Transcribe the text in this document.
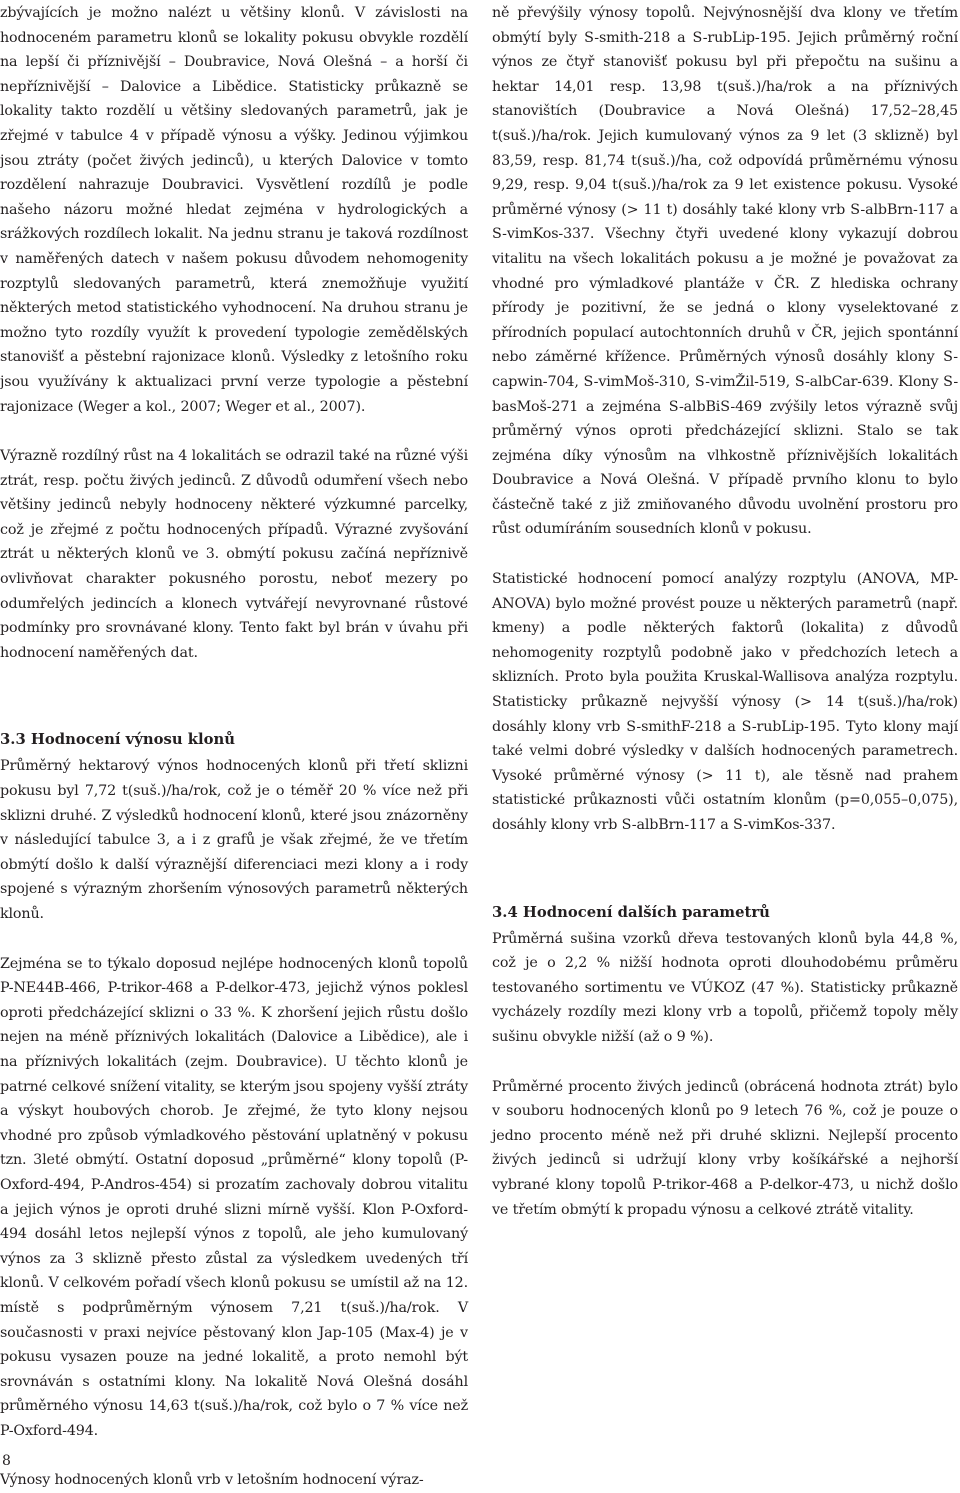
zbývajících je možno nalézt u většiny klonů. V závislosti na hodnoceném parametru klonů se lokality pokusu obvykle rozdělí na lepší či příznivější – Doubravice, Nová Olešná – a horší či nepříznivější – Dalovice a Libědice. Statisticky průkazně se lokality takto rozdělí u většiny sledovaných parametrů, jak je zřejmé v tabulce 4 v případě výnosu a výšky. Jedinou výjimkou jsou ztráty (počet živých jedinců), u kterých Dalovice v tomto rozdělení nahrazuje Doubravici. Vysvětlení rozdílů je podle našeho názoru možné hledat zejména v hydrologických a srážkových rozdílech lokalit. Na jednu stranu je taková rozdílnost v naměřených datech v našem pokusu důvodem nehomogenity rozptylů sledovaných parametrů, která znemožňuje využití některých metod statistického vyhodnocení. Na druhou stranu je možno tyto rozdíly využít k provedení typologie zemědělských stanovišť a pěstební rajonizace klonů. Výsledky z letošního roku jsou využívány k aktualizaci první verze typologie a pěstební rajonizace (Weger a kol., 2007; Weger et al., 2007).

Výrazně rozdílný růst na 4 lokalitách se odrazil také na různé výši ztrát, resp. počtu živých jedinců. Z důvodů odumření všech nebo většiny jedinců nebyly hodnoceny některé výzkumné parcelky, což je zřejmé z počtu hodnocených případů. Výrazné zvyšování ztrát u některých klonů ve 3. obmýtí pokusu začíná nepříznivě ovlivňovat charakter pokusného porostu, neboť mezery po odumřelých jedincích a klonech vytvářejí nevyrovnané růstové podmínky pro srovnávané klony. Tento fakt byl brán v úvahu při hodnocení naměřených dat.

3.3 Hodnocení výnosu klonů

Průměrný hektarový výnos hodnocených klonů při třetí sklizni pokusu byl 7,72 t(suš.)/ha/rok, což je o téměř 20 % více než při sklizni druhé. Z výsledků hodnocení klonů, které jsou znázorněny v následující tabulce 3, a i z grafů je však zřejmé, že ve třetím obmýtí došlo k další výraznější diferenciaci mezi klony a i rody spojené s výrazným zhoršením výnosových parametrů některých klonů.

Zejména se to týkalo doposud nejlépe hodnocených klonů topolů P-NE44B-466, P-trikor-468 a P-delkor-473, jejichž výnos poklesl oproti předcházející sklizni o 33 %. K zhoršení jejich růstu došlo nejen na méně příznivých lokalitách (Dalovice a Libědice), ale i na příznivých lokalitách (zejm. Doubravice). U těchto klonů je patrné celkové snížení vitality, se kterým jsou spojeny vyšší ztráty a výskyt houbových chorob. Je zřejmé, že tyto klony nejsou vhodné pro způsob výmladkového pěstování uplatněný v pokusu tzn. 3leté obmýtí. Ostatní doposud „průměrné“ klony topolů (P-Oxford-494, P-Andros-454) si prozatím zachovaly dobrou vitalitu a jejich výnos je oproti druhé slizni mírně vyšší. Klon P-Oxford-494 dosáhl letos nejlepší výnos z topolů, ale jeho kumulovaný výnos za 3 sklizně přesto zůstal za výsledkem uvedených tří klonů. V celkovém pořadí všech klonů pokusu se umístil až na 12. místě s podprůměrným výnosem 7,21 t(suš.)/ha/rok. V současnosti v praxi nejvíce pěstovaný klon Jap-105 (Max-4) je v pokusu vysazen pouze na jedné lokalitě, a proto nemohl být srovnáván s ostatními klony. Na lokalitě Nová Olešná dosáhl průměrného výnosu 14,63 t(suš.)/ha/rok, což bylo o 7 % více než P-Oxford-494.

Výnosy hodnocených klonů vrb v letošním hodnocení výraz-

ně převýšily výnosy topolů. Nejvýnosnější dva klony ve třetím obmýtí byly S-smith-218 a S-rubLip-195. Jejich průměrný roční výnos ze čtyř stanovišť pokusu byl při přepočtu na sušinu a hektar 14,01 resp. 13,98 t(suš.)/ha/rok a na příznivých stanovištích (Doubravice a Nová Olešná) 17,52–28,45 t(suš.)/ha/rok. Jejich kumulovaný výnos za 9 let (3 sklizně) byl 83,59, resp. 81,74 t(suš.)/ha, což odpovídá průměrnému výnosu 9,29, resp. 9,04 t(suš.)/ha/rok za 9 let existence pokusu. Vysoké průměrné výnosy (> 11 t) dosáhly také klony vrb S-albBrn-117 a S-vimKos-337. Všechny čtyři uvedené klony vykazují dobrou vitalitu na všech lokalitách pokusu a je možné je považovat za vhodné pro výmladkové plantáže v ČR. Z hlediska ochrany přírody je pozitivní, že se jedná o klony vyselektované z přírodních populací autochtonních druhů v ČR, jejich spontánní nebo záměrné křížence. Průměrných výnosů dosáhly klony S-capwin-704, S-vimMoš-310, S-vimŽil-519, S-albCar-639. Klony S-basMoš-271 a zejména S-albBiS-469 zvýšily letos výrazně svůj průměrný výnos oproti předcházející sklizni. Stalo se tak zejména díky výnosům na vlhkostně příznivějších lokalitách Doubravice a Nová Olešná. V případě prvního klonu to bylo částečně také z již zmiňovaného důvodu uvolnění prostoru pro růst odumíráním sousedních klonů v pokusu.

Statistické hodnocení pomocí analýzy rozptylu (ANOVA, MP-ANOVA) bylo možné provést pouze u některých parametrů (např. kmeny) a podle některých faktorů (lokalita) z důvodů nehomogenity rozptylů podobně jako v předchozích letech a sklizních. Proto byla použita Kruskal-Wallisova analýza rozptylu. Statisticky průkazně nejvyšší výnosy (> 14 t(suš.)/ha/rok) dosáhly klony vrb S-smithF-218 a S-rubLip-195. Tyto klony mají také velmi dobré výsledky v dalších hodnocených parametrech. Vysoké průměrné výnosy (> 11 t), ale těsně nad prahem statistické průkaznosti vůči ostatním klonům (p=0,055–0,075), dosáhly klony vrb S-albBrn-117 a S-vimKos-337.

3.4 Hodnocení dalších parametrů

Průměrná sušina vzorků dřeva testovaných klonů byla 44,8 %, což je o 2,2 % nižší hodnota oproti dlouhodobému průměru testovaného sortimentu ve VÚKOZ (47 %). Statisticky průkazně vycházely rozdíly mezi klony vrb a topolů, přičemž topoly měly sušinu obvykle nižší (až o 9 %).

Průměrné procento živých jedinců (obrácená hodnota ztrát) bylo v souboru hodnocených klonů po 9 letech 76 %, což je pouze o jedno procento méně než při druhé sklizni. Nejlepší procento živých jedinců si udržují klony vrby košíkářské a nejhorší vybrané klony topolů P-trikor-468 a P-delkor-473, u nichž došlo ve třetím obmýtí k propadu výnosu a celkové ztrátě vitality.

8
